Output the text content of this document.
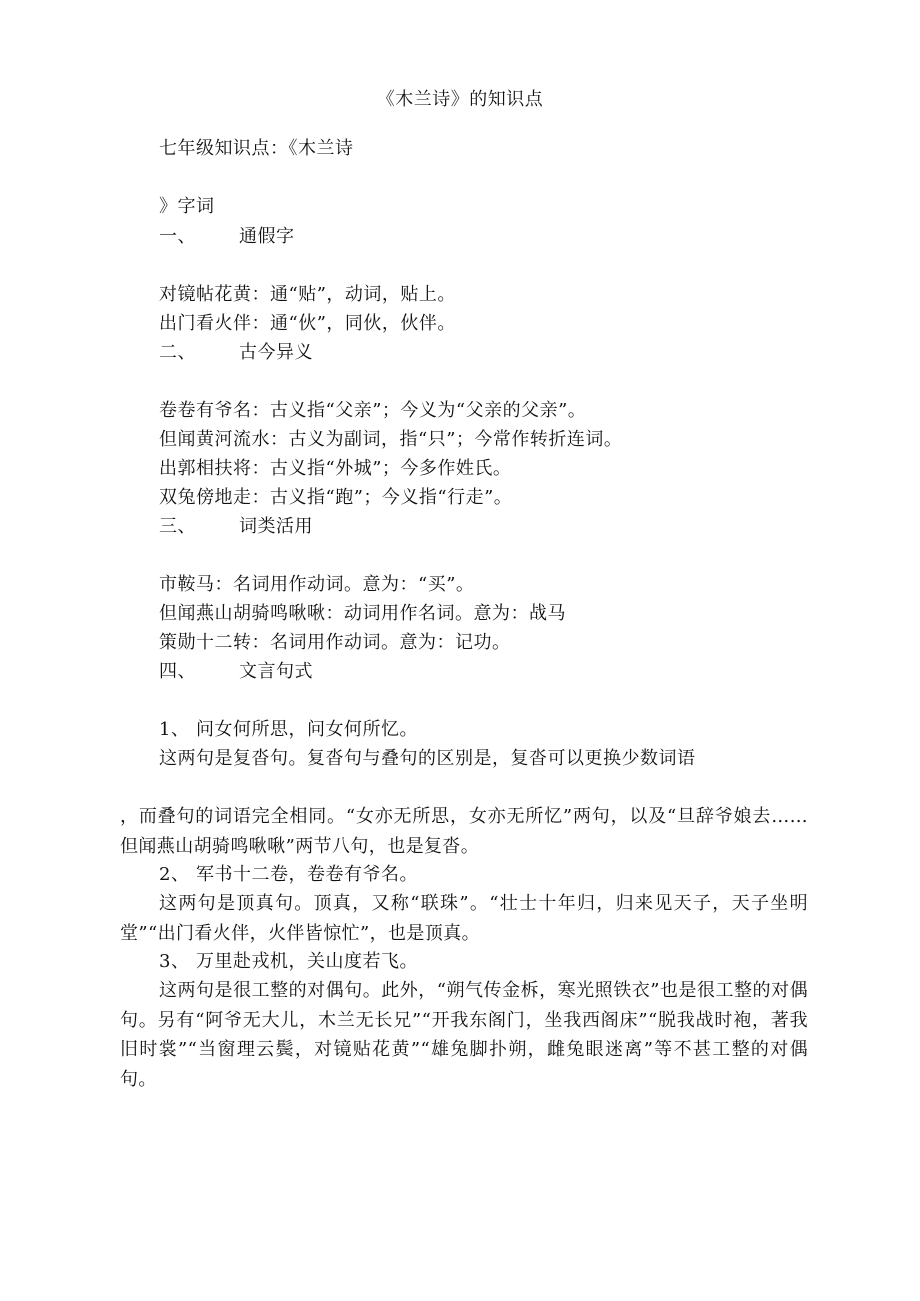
《木兰诗》的知识点
七年级知识点：《木兰诗
》字词
一、 通假字
对镜帖花黄：通“贴”，动词，贴上。
出门看火伴：通“伙”，同伙，伙伴。
二、 古今异义
卷卷有爷名：古义指“父亲”；今义为“父亲的父亲”。
但闻黄河流水：古义为副词，指“只”；今常作转折连词。
出郭相扶将：古义指“外城”；今多作姓氏。
双兔傍地走：古义指“跑”；今义指“行走”。
三、 词类活用
市鞍马：名词用作动词。意为：“买”。
但闻燕山胡骑鸣啾啾：动词用作名词。意为：战马
策勋十二转：名词用作动词。意为：记功。
四、 文言句式
1、 问女何所思，问女何所忆。
这两句是复沓句。复沓句与叠句的区别是，复沓可以更换少数词语
，而叠句的词语完全相同。“女亦无所思，女亦无所忆”两句，以及“旦辞爷娘去……但闻燕山胡骑鸣啾啾”两节八句，也是复沓。
2、 军书十二卷，卷卷有爷名。
这两句是顶真句。顶真，又称“联珠”。“壮士十年归，归来见天子，天子坐明堂”“出门看火伴，火伴皆惊忙”，也是顶真。
3、 万里赴戎机，关山度若飞。
这两句是很工整的对偶句。此外，“朔气传金柝，寒光照铁衣”也是很工整的对偶句。另有“阿爷无大儿，木兰无长兄”“开我东阁门，坐我西阁床”“脱我战时袍，著我旧时裳”“当窗理云鬓，对镜贴花黄”“雄兔脚扑朔，雌兔眼迷离”等不甚工整的对偶句。
